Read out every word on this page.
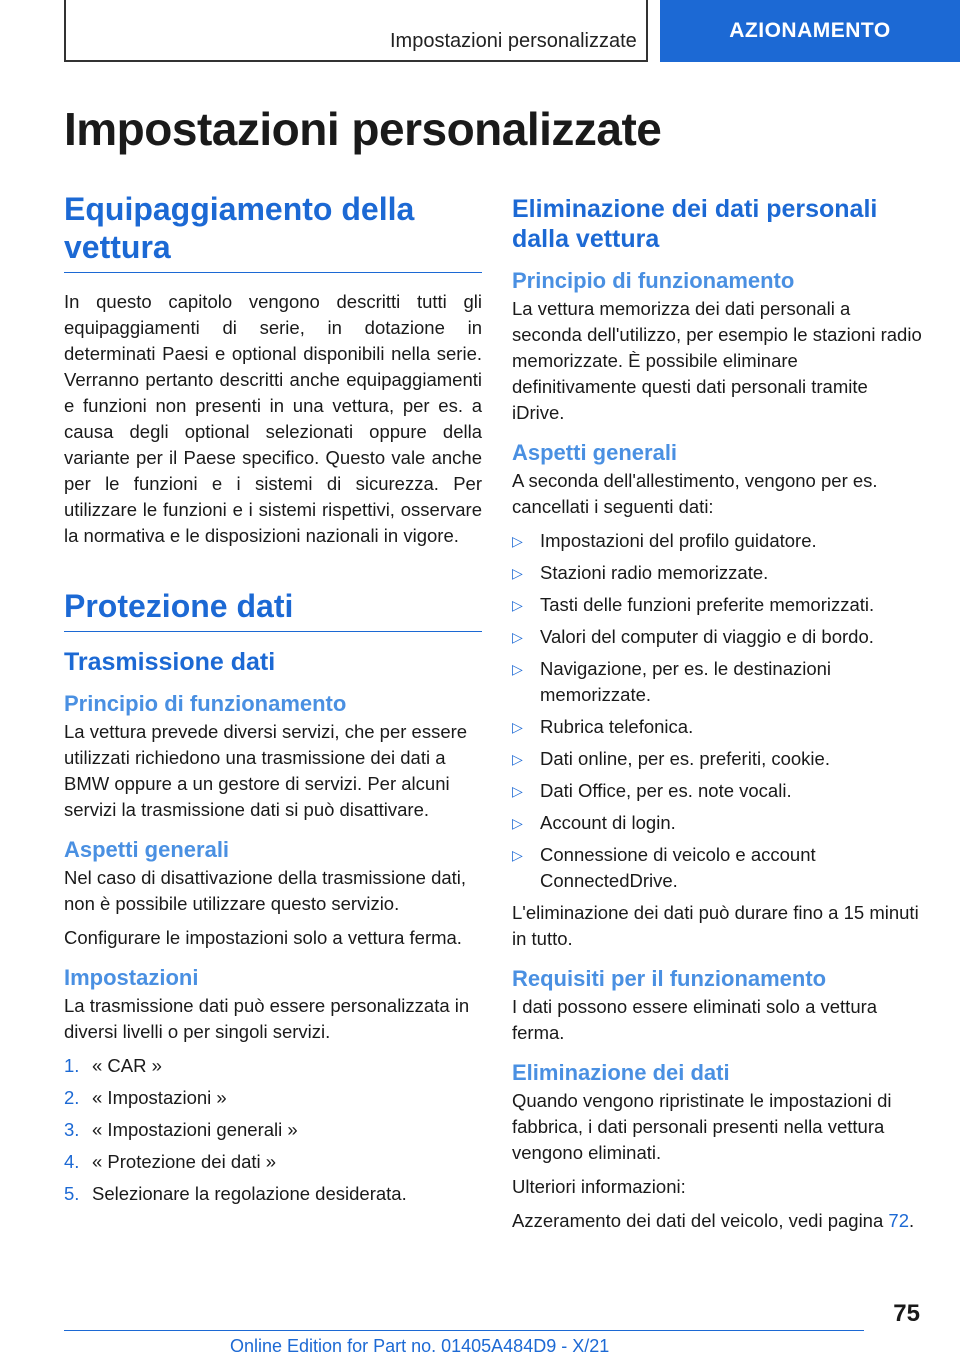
Impostazioni personalizzate	AZIONAMENTO
Impostazioni personalizzate
Equipaggiamento della vettura

In questo capitolo vengono descritti tutti gli equipaggiamenti di serie, in dotazione in determinati Paesi e optional disponibili nella serie. Verranno pertanto descritti anche equipaggiamenti e funzioni non presenti in una vettura, per es. a causa degli optional selezionati oppure della variante per il Paese specifico. Questo vale anche per le funzioni e i sistemi di sicurezza. Per utilizzare le funzioni e i sistemi rispettivi, osservare la normativa e le disposizioni nazionali in vigore.

Protezione dati
Trasmissione dati
Principio di funzionamento

La vettura prevede diversi servizi, che per essere utilizzati richiedono una trasmissione dei dati a BMW oppure a un gestore di servizi. Per alcuni servizi la trasmissione dati si può disattivare.

Aspetti generali

Nel caso di disattivazione della trasmissione dati, non è possibile utilizzare questo servizio.

Configurare le impostazioni solo a vettura ferma.

Impostazioni

La trasmissione dati può essere personalizzata in diversi livelli o per singoli servizi.

1. « CAR »
2. « Impostazioni »
3. « Impostazioni generali »
4. « Protezione dei dati »
5. Selezionare la regolazione desiderata.
Eliminazione dei dati personali dalla vettura
Principio di funzionamento

La vettura memorizza dei dati personali a seconda dell'utilizzo, per esempio le stazioni radio memorizzate. È possibile eliminare definitivamente questi dati personali tramite iDrive.

Aspetti generali

A seconda dell'allestimento, vengono per es. cancellati i seguenti dati:

▷ Impostazioni del profilo guidatore.
▷ Stazioni radio memorizzate.
▷ Tasti delle funzioni preferite memorizzati.
▷ Valori del computer di viaggio e di bordo.
▷ Navigazione, per es. le destinazioni memorizzate.
▷ Rubrica telefonica.
▷ Dati online, per es. preferiti, cookie.
▷ Dati Office, per es. note vocali.
▷ Account di login.
▷ Connessione di veicolo e account ConnectedDrive.

L'eliminazione dei dati può durare fino a 15 minuti in tutto.

Requisiti per il funzionamento

I dati possono essere eliminati solo a vettura ferma.

Eliminazione dei dati

Quando vengono ripristinate le impostazioni di fabbrica, i dati personali presenti nella vettura vengono eliminati.

Ulteriori informazioni:

Azzeramento dei dati del veicolo, vedi pagina 72.

75
Online Edition for Part no. 01405A484D9 - X/21
